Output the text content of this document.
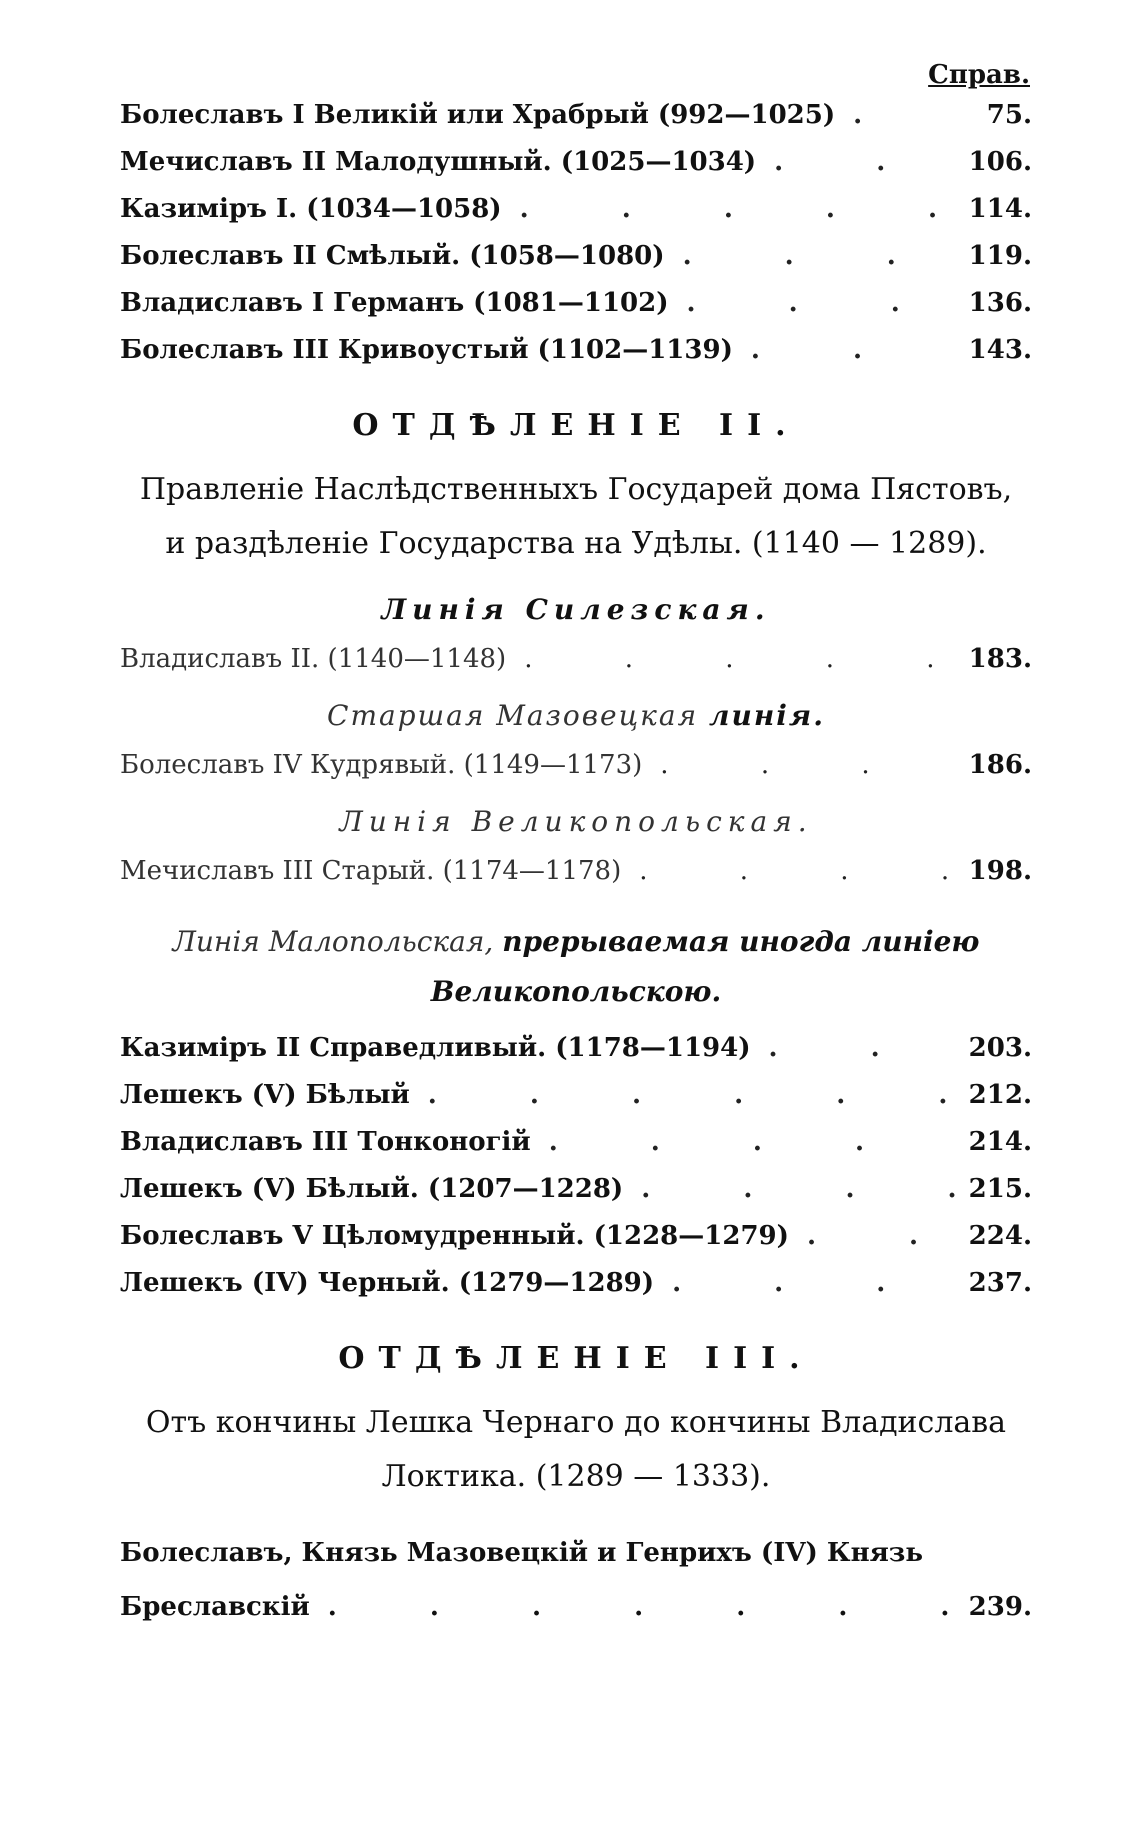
Справ.
Болеславъ I Великій или Храбрый (992—1025) . . .	75.
Мечиславъ II Малодушный. (1025—1034) . . .	106.
Казиміръ I. (1034—1058) . . .	114.
Болеславъ II Смѣлый. (1058—1080) . . .	119.
Владиславъ I Германъ (1081—1102) . . .	136.
Болеславъ III Кривоустый (1102—1139) . . .	143.
ОТДѢЛЕНІЕ II.
Правленіе Наслѣдственныхъ Государей дома Пястовъ,
и раздѣленіе Государства на Удѣлы. (1140 — 1289).
Линія Силезская.
Владиславъ II. (1140—1148) . . .	183.
Старшая Мазовецкая линія.
Болеславъ IV Кудрявый. (1149—1173) . . .	186.
Линія Великопольская.
Мечиславъ III Старый. (1174—1178) . . .	198.
Линія Малопольская, прерываемая иногда линіею
Великопольскою.
Казиміръ II Справедливый. (1178—1194) . . .	203.
Лешекъ (V) Бѣлый . . .	212.
Владиславъ III Тонконогій . . .	214.
Лешекъ (V) Бѣлый. (1207—1228) . . .	215.
Болеславъ V Цѣломудренный. (1228—1279) . . .	224.
Лешекъ (IV) Черный. (1279—1289) . . .	237.
ОТДѢЛЕНІЕ III.
Отъ кончины Лешка Чернаго до кончины Владислава
Локтика. (1289 — 1333).
Болеславъ, Князь Мазовецкій и Генрихъ (IV) Князь
Бреславскій . . .	239.
